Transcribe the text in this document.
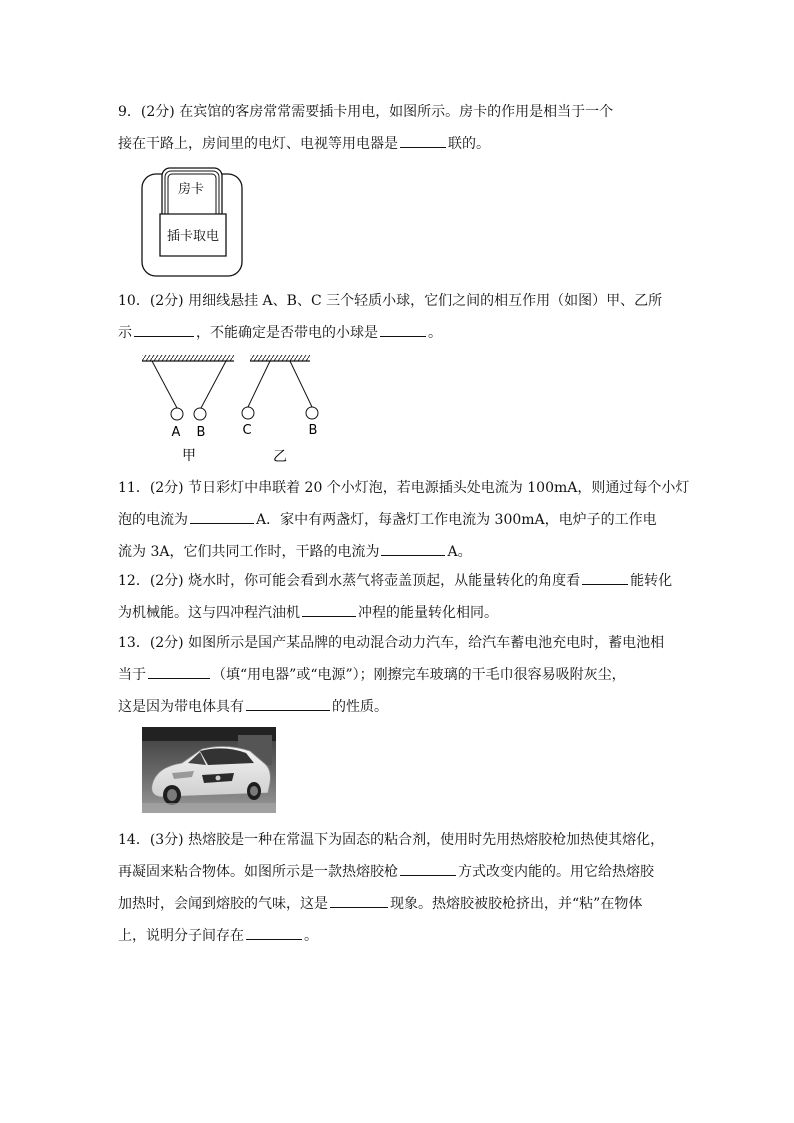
9．(2分) 在宾馆的客房常常需要插卡用电，如图所示。房卡的作用是相当于一个

接在干路上，房间里的电灯、电视等用电器是	联的。

房卡
插卡取电

10．(2分) 用细线悬挂 A、B、C 三个轻质小球，它们之间的相互作用（如图）甲、乙所

示	，不能确定是否带电的小球是	。

A B	C	B
甲	乙

11．(2分) 节日彩灯中串联着 20 个小灯泡，若电源插头处电流为 100mA，则通过每个小灯

泡的电流为	A．家中有两盏灯，每盏灯工作电流为 300mA，电炉子的工作电

流为 3A，它们共同工作时，干路的电流为	A。

12．(2分) 烧水时，你可能会看到水蒸气将壶盖顶起，从能量转化的角度看	能转化

为机械能。这与四冲程汽油机	冲程的能量转化相同。

13．(2分) 如图所示是国产某品牌的电动混合动力汽车，给汽车蓄电池充电时，蓄电池相

当于	（填“用电器”或“电源”）；刚擦完车玻璃的干毛巾很容易吸附灰尘，

这是因为带电体具有	的性质。

14．(3分) 热熔胶是一种在常温下为固态的粘合剂，使用时先用热熔胶枪加热使其熔化，

再凝固来粘合物体。如图所示是一款热熔胶枪	方式改变内能的。用它给热熔胶

加热时，会闻到熔胶的气味，这是	现象。热熔胶被胶枪挤出，并“粘”在物体

上，说明分子间存在	。
